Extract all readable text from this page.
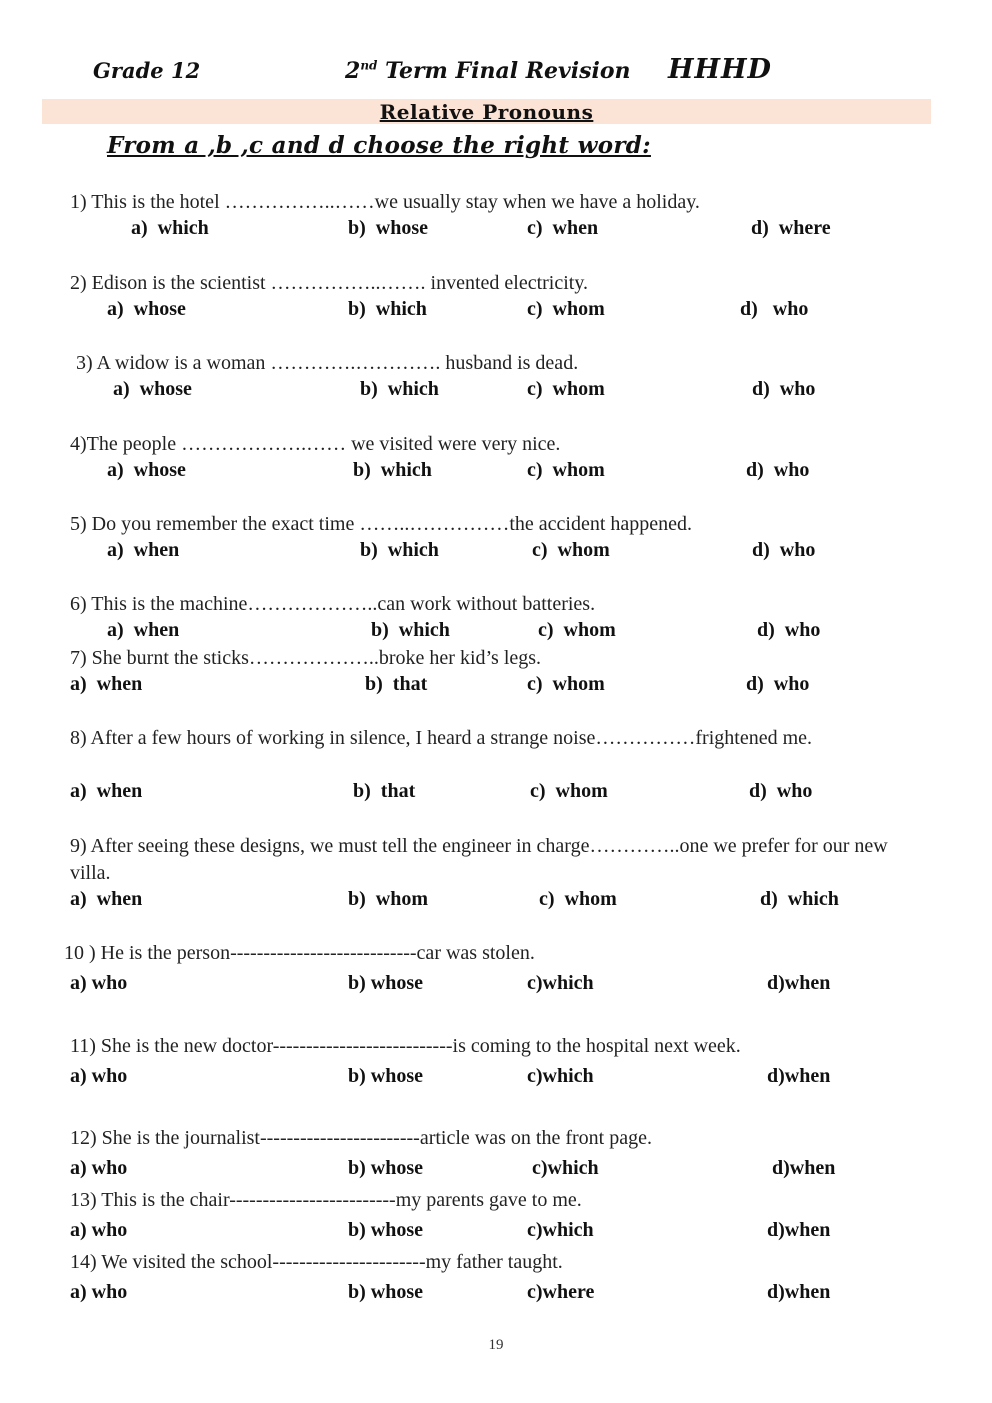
Grade 12	2nd Term Final Revision HHHD
Relative Pronouns
From a ,b ,c and d choose the right word:
1) This is the hotel ……………..……we usually stay when we have a holiday.
a)  which	b)  whose	c)  when	d)  where
2) Edison is the scientist ……………..……. invented electricity.
a)  whose	b)  which	c)  whom	d)   who
3) A widow is a woman ………….…………. husband is dead.
a)  whose	b)  which	c)  whom	d)  who
4)The people ……………….…… we visited were very nice.
a)  whose	b)  which	c)  whom	d)  who
5) Do you remember the exact time ……..……………the accident happened.
a)  when	b)  which	c)  whom	d)  who
6) This is the machine………………..can work without batteries.
a)  when	b)  which	c)  whom	d)  who
7) She burnt the sticks………………..broke her kid’s legs.
a)  when	b)  that	c)  whom	d)  who
8) After a few hours of working in silence, I heard a strange noise……………frightened me.
a)  when	b)  that	c)  whom	d)  who
9) After seeing these designs, we must tell the engineer in charge…………..one we prefer for our new villa.
a)  when	b)  whom	c)  whom	d)  which
10 ) He is the person----------------------------car was stolen.
a) who	b) whose	c)which	d)when
11) She is the new doctor---------------------------is coming to the hospital next week.
a) who	b) whose	c)which	d)when
12) She is the journalist------------------------article was on the front page.
a) who	b) whose	c)which	d)when
13) This is the chair-------------------------my parents gave to me.
a) who	b) whose	c)which	d)when
14) We visited the school-----------------------my father taught.
a) who	b) whose	c)where	d)when
19
